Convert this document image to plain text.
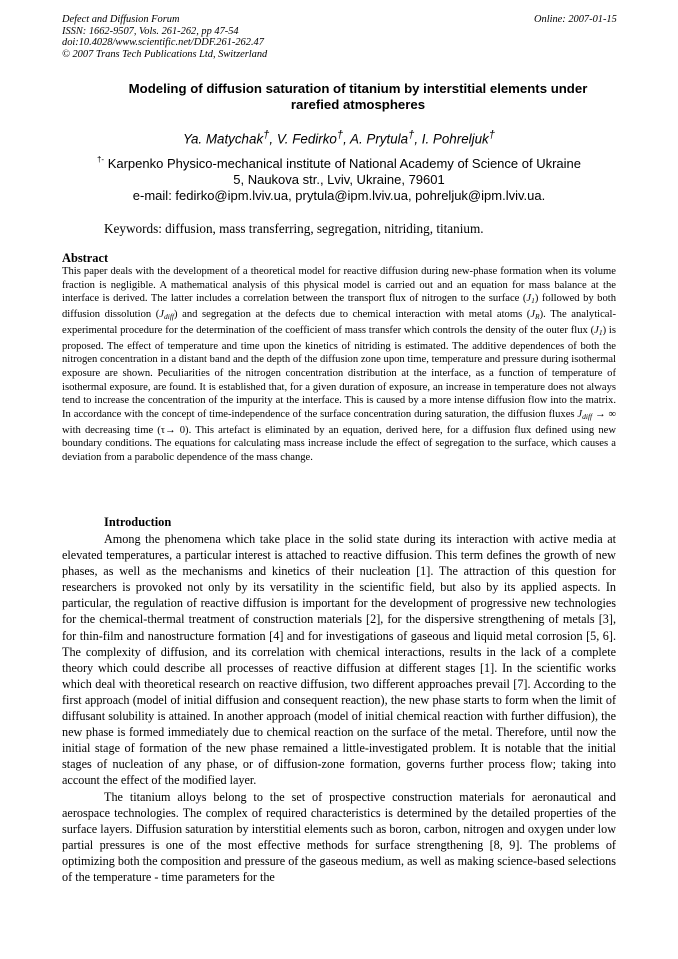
Defect and Diffusion Forum
ISSN: 1662-9507, Vols. 261-262, pp 47-54
doi:10.4028/www.scientific.net/DDF.261-262.47
© 2007 Trans Tech Publications Ltd, Switzerland
Online: 2007-01-15
Modeling of diffusion saturation of titanium by interstitial elements under
rarefied atmospheres
Ya. Matychak†, V. Fedirko†, A. Prytula†, I. Pohreljuk†
†- Karpenko Physico-mechanical institute of National Academy of Science of Ukraine
5, Naukova str., Lviv, Ukraine, 79601
e-mail: fedirko@ipm.lviv.ua, prytula@ipm.lviv.ua, pohreljuk@ipm.lviv.ua.
Keywords: diffusion, mass transferring, segregation, nitriding, titanium.
Abstract
This paper deals with the development of a theoretical model for reactive diffusion during new-phase formation when its volume fraction is negligible. A mathematical analysis of this physical model is carried out and an equation for mass balance at the interface is derived. The latter includes a correlation between the transport flux of nitrogen to the surface $(J_1)$ followed by both diffusion dissolution $(J_{diff})$ and segregation at the defects due to chemical interaction with metal atoms $(J_R)$. The analytical-experimental procedure for the determination of the coefficient of mass transfer which controls the density of the outer flux $(J_1)$ is proposed. The effect of temperature and time upon the kinetics of nitriding is estimated. The additive dependences of both the nitrogen concentration in a distant band and the depth of the diffusion zone upon time, temperature and pressure during isothermal exposure are shown. Peculiarities of the nitrogen concentration distribution at the interface, as a function of temperature of isothermal exposure, are found. It is established that, for a given duration of exposure, an increase in temperature does not always tend to increase the concentration of the impurity at the interface. This is caused by a more intense diffusion flow into the matrix. In accordance with the concept of time-independence of the surface concentration during saturation, the diffusion fluxes $J_{diff}$ → ∞ with decreasing time (τ→ 0). This artefact is eliminated by an equation, derived here, for a diffusion flux defined using new boundary conditions. The equations for calculating mass increase include the effect of segregation to the surface, which causes a deviation from a parabolic dependence of the mass change.
Introduction

Among the phenomena which take place in the solid state during its interaction with active media at elevated temperatures, a particular interest is attached to reactive diffusion. This term defines the growth of new phases, as well as the mechanisms and kinetics of their nucleation [1]. The attraction of this question for researchers is provoked not only by its versatility in the scientific field, but also by its applied aspects. In particular, the regulation of reactive diffusion is important for the development of progressive new technologies for the chemical-thermal treatment of construction materials [2], for the dispersive strengthening of metals [3], for thin-film and nanostructure formation [4] and for investigations of gaseous and liquid metal corrosion [5, 6]. The complexity of diffusion, and its correlation with chemical interactions, results in the lack of a complete theory which could describe all processes of reactive diffusion at different stages [1]. In the scientific works which deal with theoretical research on reactive diffusion, two different approaches prevail [7]. According to the first approach (model of initial diffusion and consequent reaction), the new phase starts to form when the limit of diffusant solubility is attained. In another approach (model of initial chemical reaction with further diffusion), the new phase is formed immediately due to chemical reaction on the surface of the metal. Therefore, until now the initial stage of formation of the new phase remained a little-investigated problem. It is notable that the initial stages of nucleation of any phase, or of diffusion-zone formation, governs further process flow; taking into account the effect of the modified layer.

The titanium alloys belong to the set of prospective construction materials for aeronautical and aerospace technologies. The complex of required characteristics is determined by the detailed properties of the surface layers. Diffusion saturation by interstitial elements such as boron, carbon, nitrogen and oxygen under low partial pressures is one of the most effective methods for surface strengthening [8, 9]. The problems of optimizing both the composition and pressure of the gaseous medium, as well as making science-based selections of the temperature - time parameters for the
